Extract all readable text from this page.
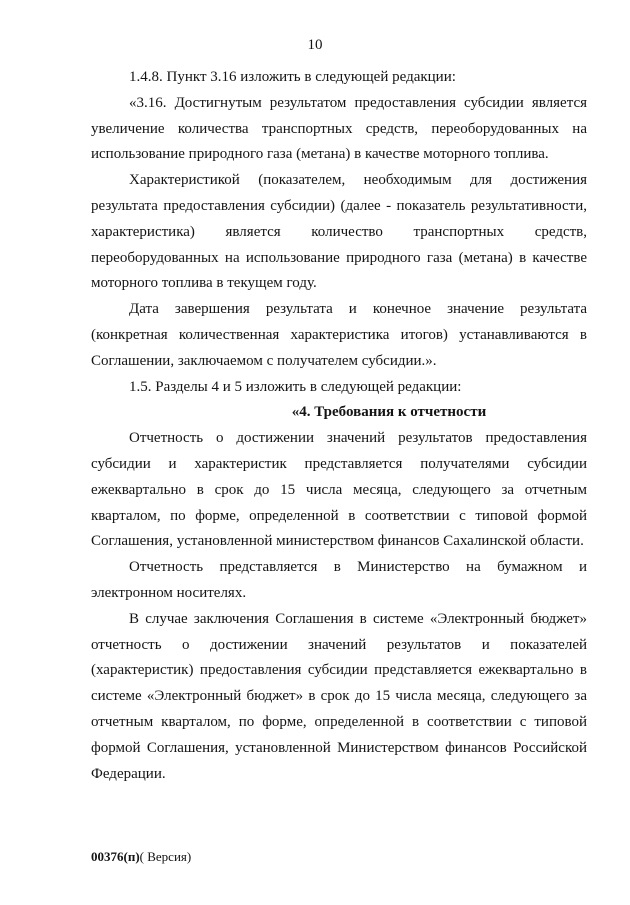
10

1.4.8. Пункт 3.16 изложить в следующей редакции:

«3.16. Достигнутым результатом предоставления субсидии является увеличение количества транспортных средств, переоборудованных на использование природного газа (метана) в качестве моторного топлива.

Характеристикой (показателем, необходимым для достижения результата предоставления субсидии) (далее - показатель результативности, характеристика) является количество транспортных средств, переоборудованных на использование природного газа (метана) в качестве моторного топлива в текущем году.

Дата завершения результата и конечное значение результата (конкретная количественная характеристика итогов) устанавливаются в Соглашении, заключаемом с получателем субсидии.».

1.5. Разделы 4 и 5 изложить в следующей редакции:

«4. Требования к отчетности

Отчетность о достижении значений результатов предоставления субсидии и характеристик представляется получателями субсидии ежеквартально в срок до 15 числа месяца, следующего за отчетным кварталом, по форме, определенной в соответствии с типовой формой Соглашения, установленной министерством финансов Сахалинской области.

Отчетность представляется в Министерство на бумажном и электронном носителях.

В случае заключения Соглашения в системе «Электронный бюджет» отчетность о достижении значений результатов и показателей (характеристик) предоставления субсидии представляется ежеквартально в системе «Электронный бюджет» в срок до 15 числа месяца, следующего за отчетным кварталом, по форме, определенной в соответствии с типовой формой Соглашения, установленной Министерством финансов Российской Федерации.

00376(п)( Версия)
